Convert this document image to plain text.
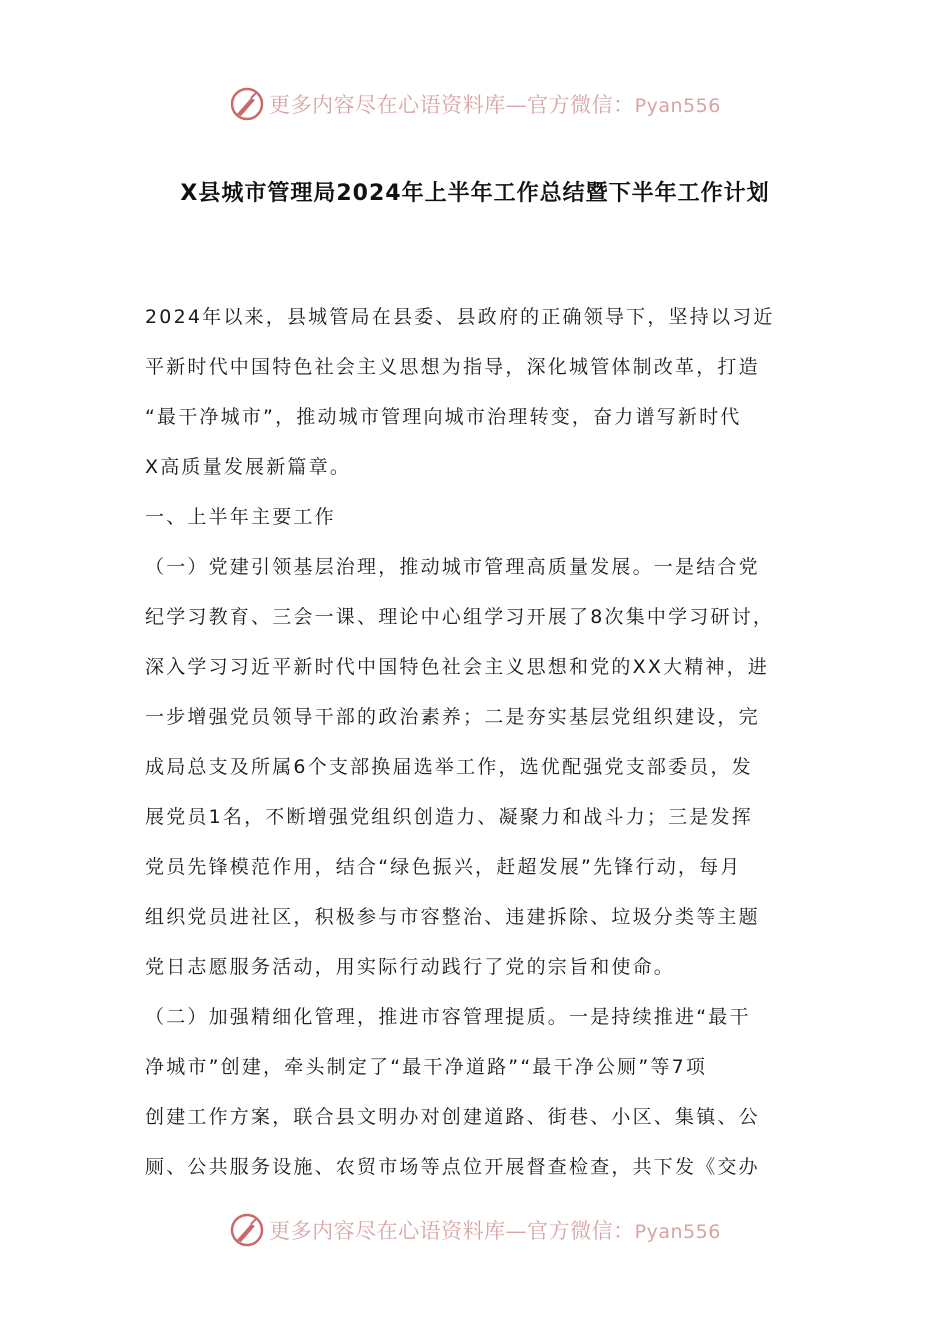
更多内容尽在心语资料库—官方微信：Pyan556
X县城市管理局2024年上半年工作总结暨下半年工作计划
2024年以来，县城管局在县委、县政府的正确领导下，坚持以习近
平新时代中国特色社会主义思想为指导，深化城管体制改革，打造
“最干净城市”，推动城市管理向城市治理转变，奋力谱写新时代
X高质量发展新篇章。
一、上半年主要工作
（一）党建引领基层治理，推动城市管理高质量发展。一是结合党
纪学习教育、三会一课、理论中心组学习开展了8次集中学习研讨，
深入学习习近平新时代中国特色社会主义思想和党的XX大精神，进
一步增强党员领导干部的政治素养；二是夯实基层党组织建设，完
成局总支及所属6个支部换届选举工作，选优配强党支部委员，发
展党员1名，不断增强党组织创造力、凝聚力和战斗力；三是发挥
党员先锋模范作用，结合“绿色振兴，赶超发展”先锋行动，每月
组织党员进社区，积极参与市容整治、违建拆除、垃圾分类等主题
党日志愿服务活动，用实际行动践行了党的宗旨和使命。
（二）加强精细化管理，推进市容管理提质。一是持续推进“最干
净城市”创建，牵头制定了“最干净道路”“最干净公厕”等7项
创建工作方案，联合县文明办对创建道路、街巷、小区、集镇、公
厕、公共服务设施、农贸市场等点位开展督查检查，共下发《交办
更多内容尽在心语资料库—官方微信：Pyan556
